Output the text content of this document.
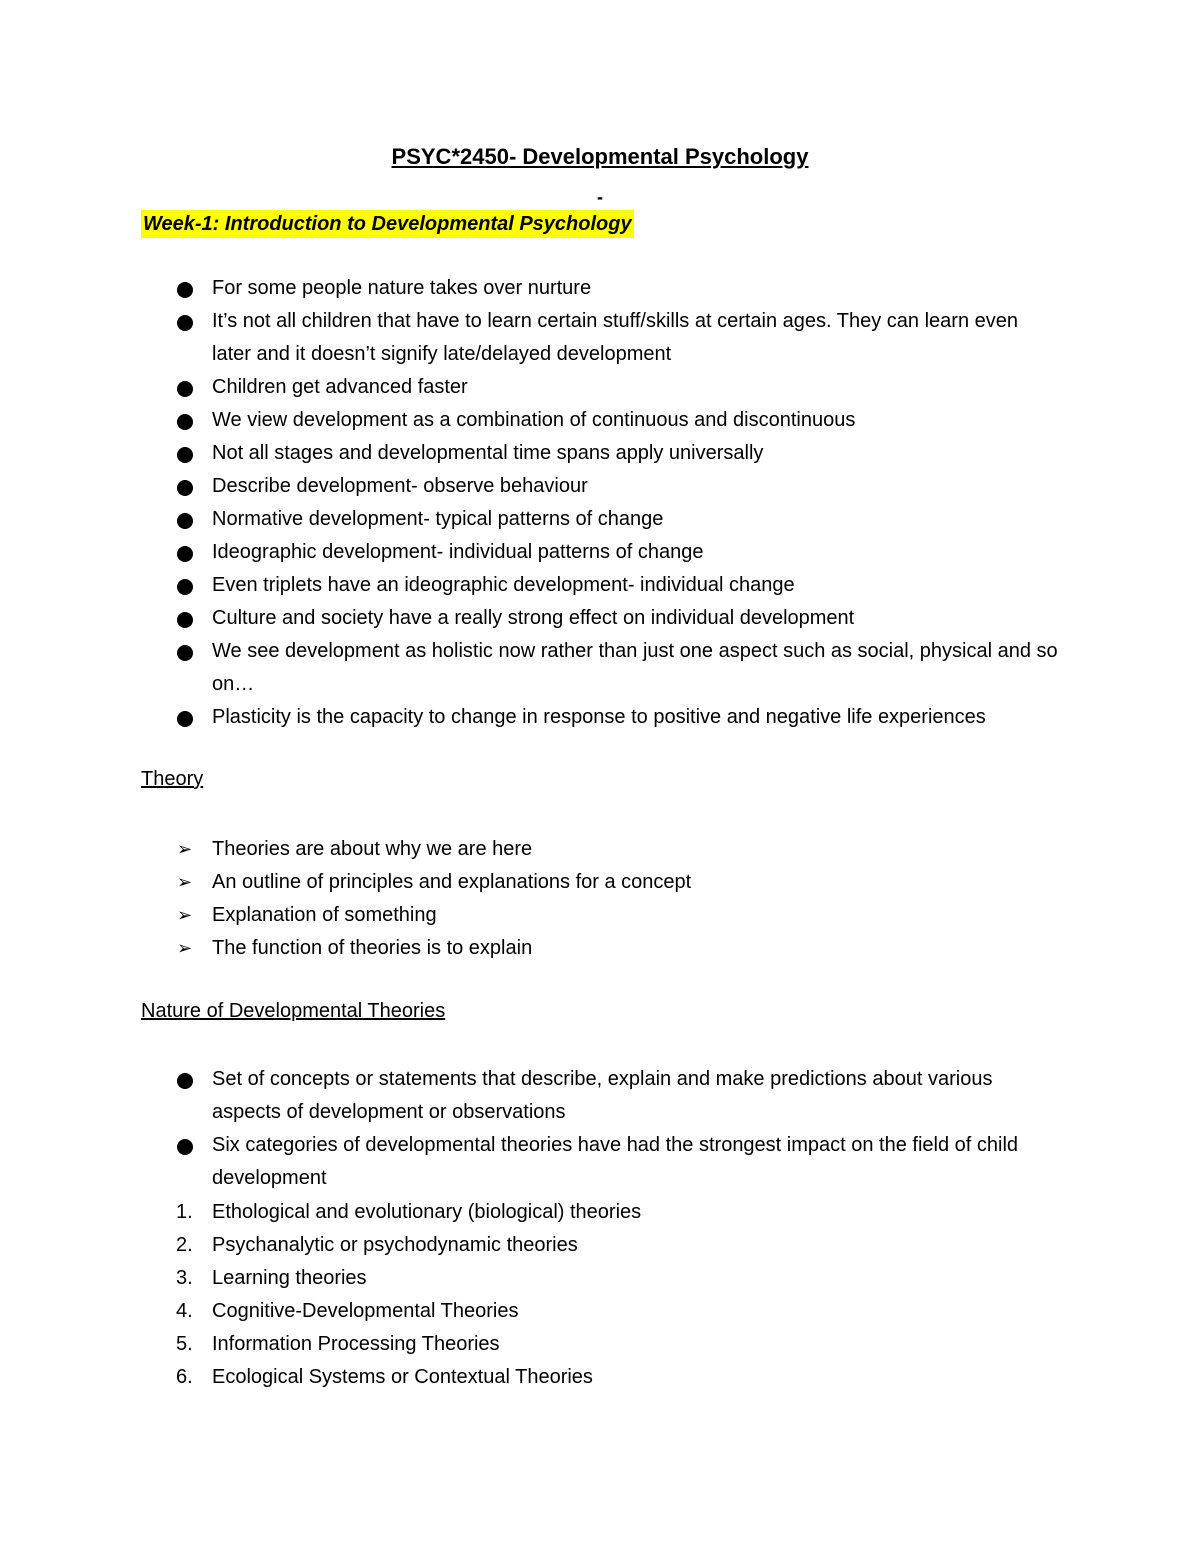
PSYC*2450- Developmental Psychology
-
Week-1: Introduction to Developmental Psychology
For some people nature takes over nurture
It’s not all children that have to learn certain stuff/skills at certain ages. They can learn even later and it doesn’t signify late/delayed development
Children get advanced faster
We view development as a combination of continuous and discontinuous
Not all stages and developmental time spans apply universally
Describe development- observe behaviour
Normative development- typical patterns of change
Ideographic development- individual patterns of change
Even triplets have an ideographic development- individual change
Culture and society have a really strong effect on individual development
We see development as holistic now rather than just one aspect such as social, physical and so on…
Plasticity is the capacity to change in response to positive and negative life experiences
Theory
➢ Theories are about why we are here
➢ An outline of principles and explanations for a concept
➢ Explanation of something
➢ The function of theories is to explain
Nature of Developmental Theories
Set of concepts or statements that describe, explain and make predictions about various aspects of development or observations
Six categories of developmental theories have had the strongest impact on the field of child development
1. Ethological and evolutionary (biological) theories
2. Psychanalytic or psychodynamic theories
3. Learning theories
4. Cognitive-Developmental Theories
5. Information Processing Theories
6. Ecological Systems or Contextual Theories
